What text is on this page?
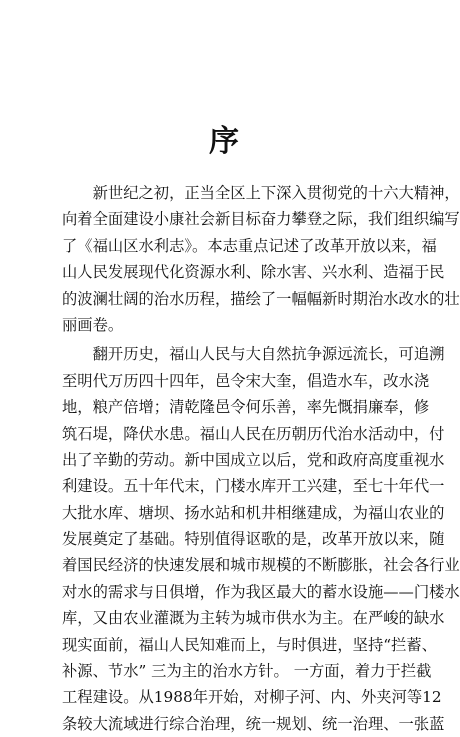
序
　　新世纪之初，正当全区上下深入贯彻党的十六大精神，
向着全面建设小康社会新目标奋力攀登之际，我们组织编写
了《福山区水利志》。本志重点记述了改革开放以来，福
山人民发展现代化资源水利、除水害、兴水利、造福于民
的波澜壮阔的治水历程，描绘了一幅幅新时期治水改水的壮
丽画卷。
　　翻开历史，福山人民与大自然抗争源远流长，可追溯
至明代万历四十四年，邑令宋大奎，倡造水车，改水浇
地，粮产倍增；清乾隆邑令何乐善，率先慨捐廉奉，修
筑石堤，降伏水患。福山人民在历朝历代治水活动中，付
出了辛勤的劳动。新中国成立以后，党和政府高度重视水
利建设。五十年代末，门楼水库开工兴建，至七十年代一
大批水库、塘坝、扬水站和机井相继建成，为福山农业的
发展奠定了基础。特别值得讴歌的是，改革开放以来，随
着国民经济的快速发展和城市规模的不断膨胀，社会各行业
对水的需求与日俱增，作为我区最大的蓄水设施——门楼水
库，又由农业灌溉为主转为城市供水为主。在严峻的缺水
现实面前，福山人民知难而上，与时俱进，坚持“拦蓄、
补源、节水” 三为主的治水方针。 一方面，着力于拦截
工程建设。从1988年开始，对柳子河、内、外夹河等12
条较大流域进行综合治理，统一规划、统一治理、一张蓝
